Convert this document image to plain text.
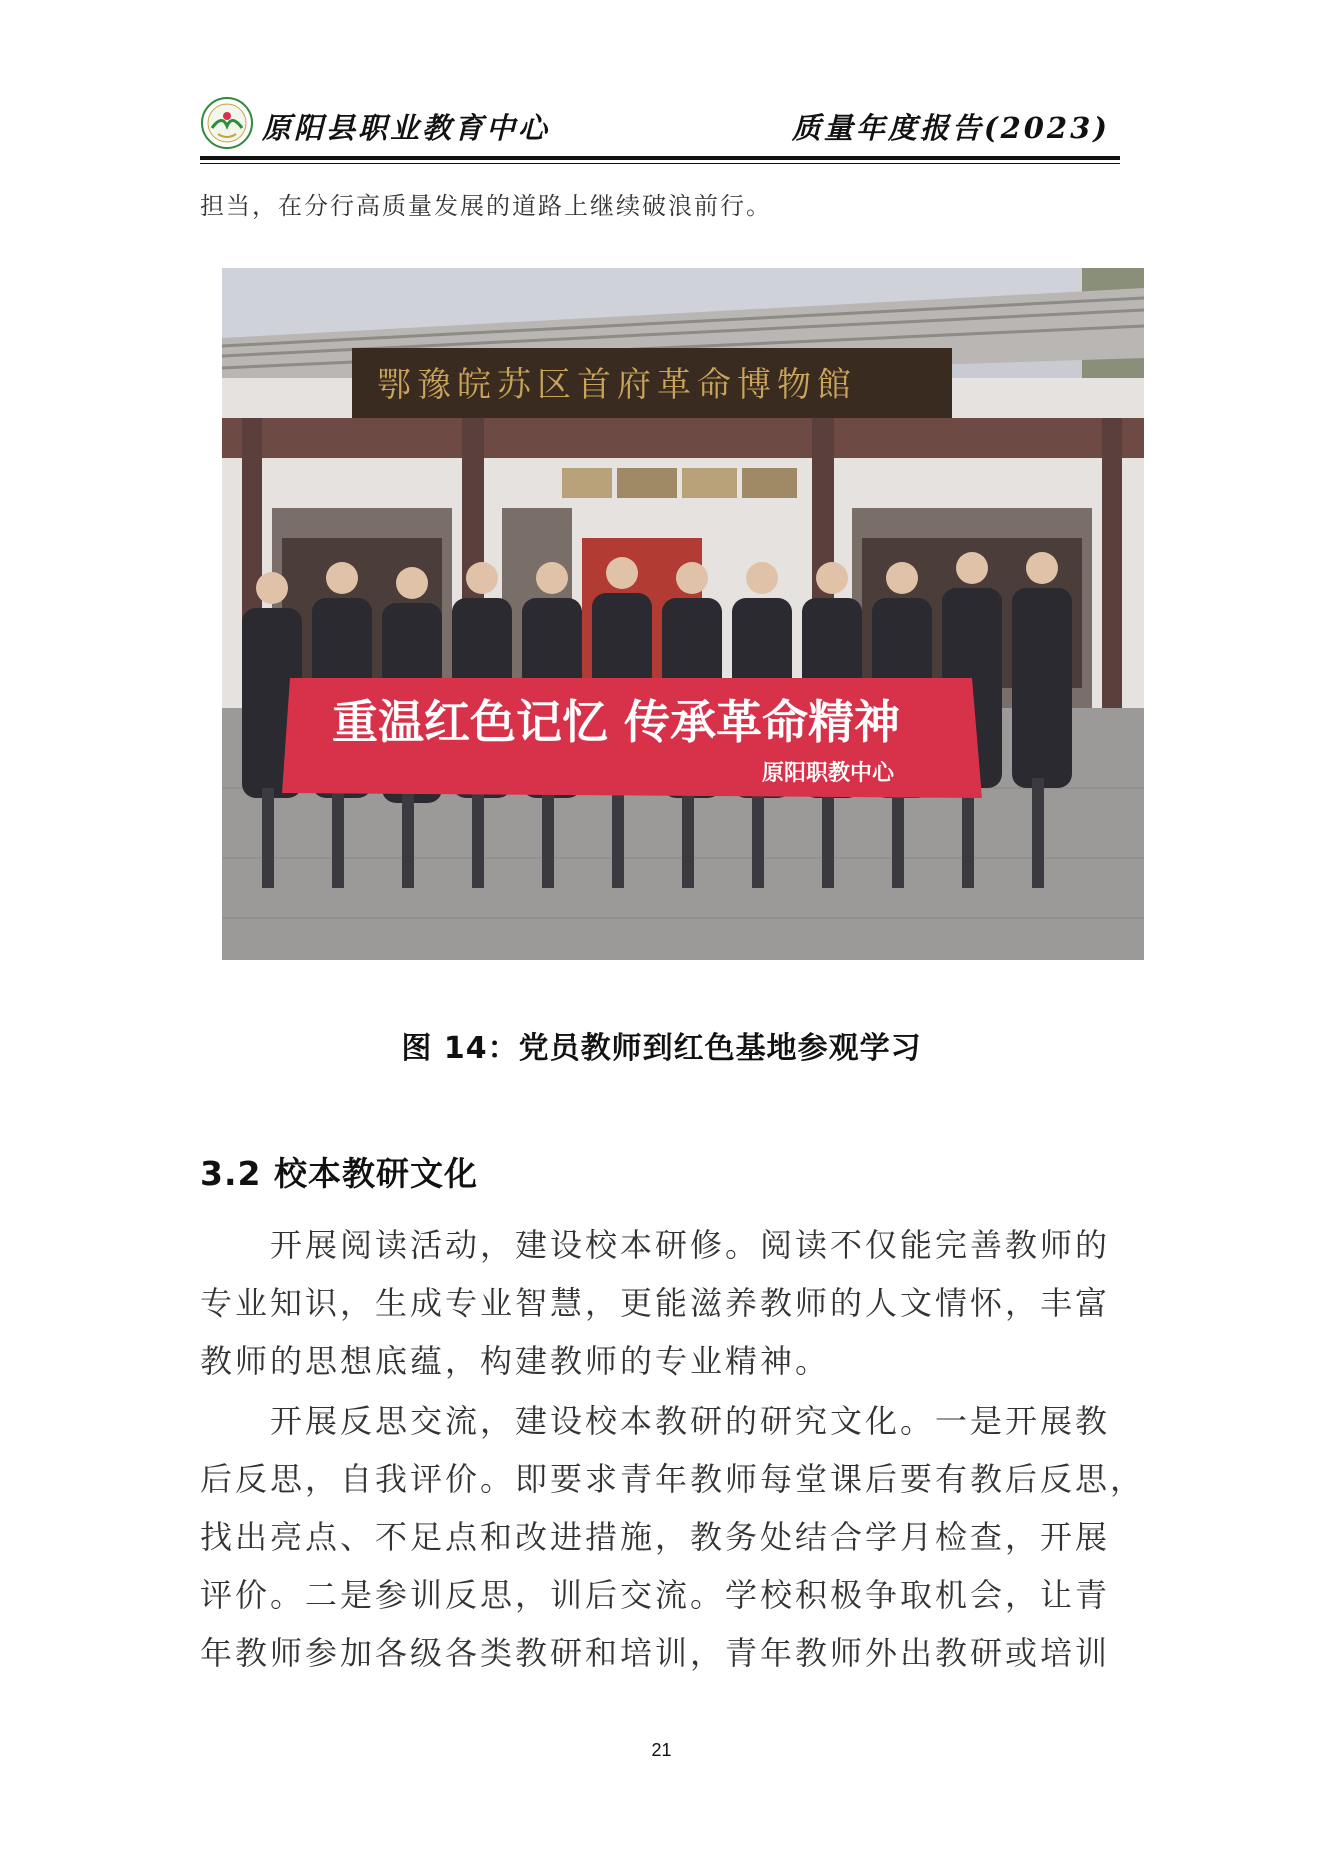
原阳县职业教育中心	质量年度报告(2023)
担当，在分行高质量发展的道路上继续破浪前行。
鄂豫皖苏区首府革命博物館
重温红色记忆 传承革命精神
原阳职教中心
图 14：党员教师到红色基地参观学习
3.2 校本教研文化
　　开展阅读活动，建设校本研修。阅读不仅能完善教师的
专业知识，生成专业智慧，更能滋养教师的人文情怀，丰富
教师的思想底蕴，构建教师的专业精神。
　　开展反思交流，建设校本教研的研究文化。一是开展教
后反思，自我评价。即要求青年教师每堂课后要有教后反思，
找出亮点、不足点和改进措施，教务处结合学月检查，开展
评价。二是参训反思，训后交流。学校积极争取机会，让青
年教师参加各级各类教研和培训，青年教师外出教研或培训
21
